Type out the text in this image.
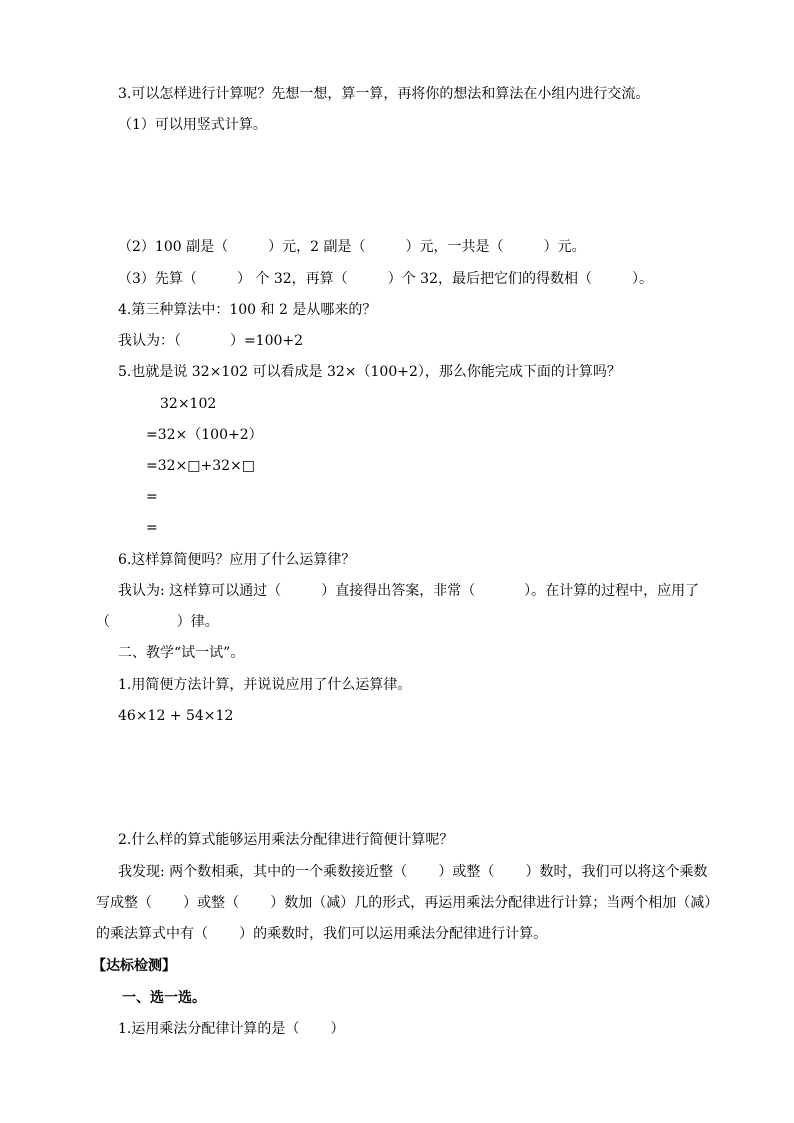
3.可以怎样进行计算呢？先想一想，算一算，再将你的想法和算法在小组内进行交流。

（1）可以用竖式计算。

（2）100 副是（         ）元，2 副是（         ）元，一共是（         ）元。

（3）先算（         ） 个 32，再算（         ）个 32，最后把它们的得数相（         ）。

4.第三种算法中：100 和 2 是从哪来的？

我认为：（           ）=100+2

5.也就是说 32×102 可以看成是 32×（100+2），那么你能完成下面的计算吗？

32×102

=32×（100+2）

=32×□+32×□

=

=

6.这样算简便吗？应用了什么运算律？

我认为: 这样算可以通过（         ）直接得出答案，非常（           ）。在计算的过程中，应用了

（               ）律。

二、教学“试一试”。

1.用简便方法计算，并说说应用了什么运算律。

46×12 + 54×12

2.什么样的算式能够运用乘法分配律进行简便计算呢？

我发现: 两个数相乘，其中的一个乘数接近整（       ）或整（       ）数时，我们可以将这个乘数

写成整（       ）或整（       ）数加（减）几的形式，再运用乘法分配律进行计算；当两个相加（减）

的乘法算式中有（       ）的乘数时，我们可以运用乘法分配律进行计算。

【达标检测】

一、选一选。

1.运用乘法分配律计算的是（       ）
